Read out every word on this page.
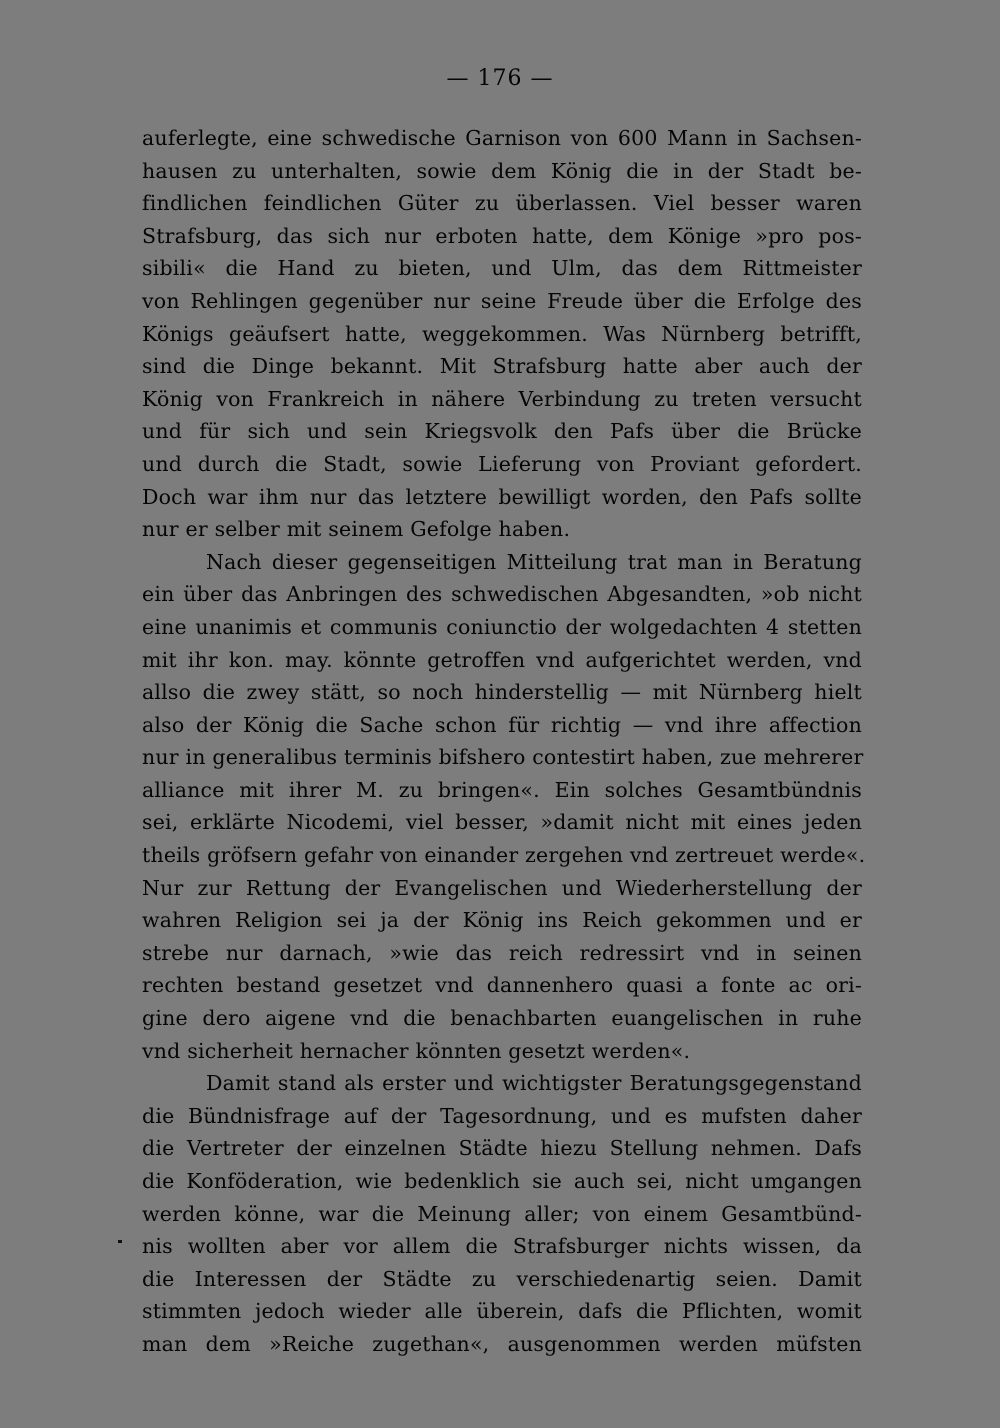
— 176 —
auferlegte, eine schwedische Garnison von 600 Mann in Sachsen-
hausen zu unterhalten, sowie dem König die in der Stadt be-
findlichen feindlichen Güter zu überlassen. Viel besser waren
Strafsburg, das sich nur erboten hatte, dem Könige »pro pos-
sibili« die Hand zu bieten, und Ulm, das dem Rittmeister
von Rehlingen gegenüber nur seine Freude über die Erfolge des
Königs geäufsert hatte, weggekommen. Was Nürnberg betrifft,
sind die Dinge bekannt. Mit Strafsburg hatte aber auch der
König von Frankreich in nähere Verbindung zu treten versucht
und für sich und sein Kriegsvolk den Pafs über die Brücke
und durch die Stadt, sowie Lieferung von Proviant gefordert.
Doch war ihm nur das letztere bewilligt worden, den Pafs sollte
nur er selber mit seinem Gefolge haben.
Nach dieser gegenseitigen Mitteilung trat man in Beratung
ein über das Anbringen des schwedischen Abgesandten, »ob nicht
eine unanimis et communis coniunctio der wolgedachten 4 stetten
mit ihr kon. may. könnte getroffen vnd aufgerichtet werden, vnd
allso die zwey stätt, so noch hinderstellig — mit Nürnberg hielt
also der König die Sache schon für richtig — vnd ihre affection
nur in generalibus terminis bifshero contestirt haben, zue mehrerer
alliance mit ihrer M. zu bringen«. Ein solches Gesamtbündnis
sei, erklärte Nicodemi, viel besser, »damit nicht mit eines jeden
theils gröfsern gefahr von einander zergehen vnd zertreuet werde«.
Nur zur Rettung der Evangelischen und Wiederherstellung der
wahren Religion sei ja der König ins Reich gekommen und er
strebe nur darnach, »wie das reich redressirt vnd in seinen
rechten bestand gesetzet vnd dannenhero quasi a fonte ac ori-
gine dero aigene vnd die benachbarten euangelischen in ruhe
vnd sicherheit hernacher könnten gesetzt werden«.
Damit stand als erster und wichtigster Beratungsgegenstand
die Bündnisfrage auf der Tagesordnung, und es mufsten daher
die Vertreter der einzelnen Städte hiezu Stellung nehmen. Dafs
die Konföderation, wie bedenklich sie auch sei, nicht umgangen
werden könne, war die Meinung aller; von einem Gesamtbünd-
nis wollten aber vor allem die Strafsburger nichts wissen, da
die Interessen der Städte zu verschiedenartig seien. Damit
stimmten jedoch wieder alle überein, dafs die Pflichten, womit
man dem »Reiche zugethan«, ausgenommen werden müfsten
